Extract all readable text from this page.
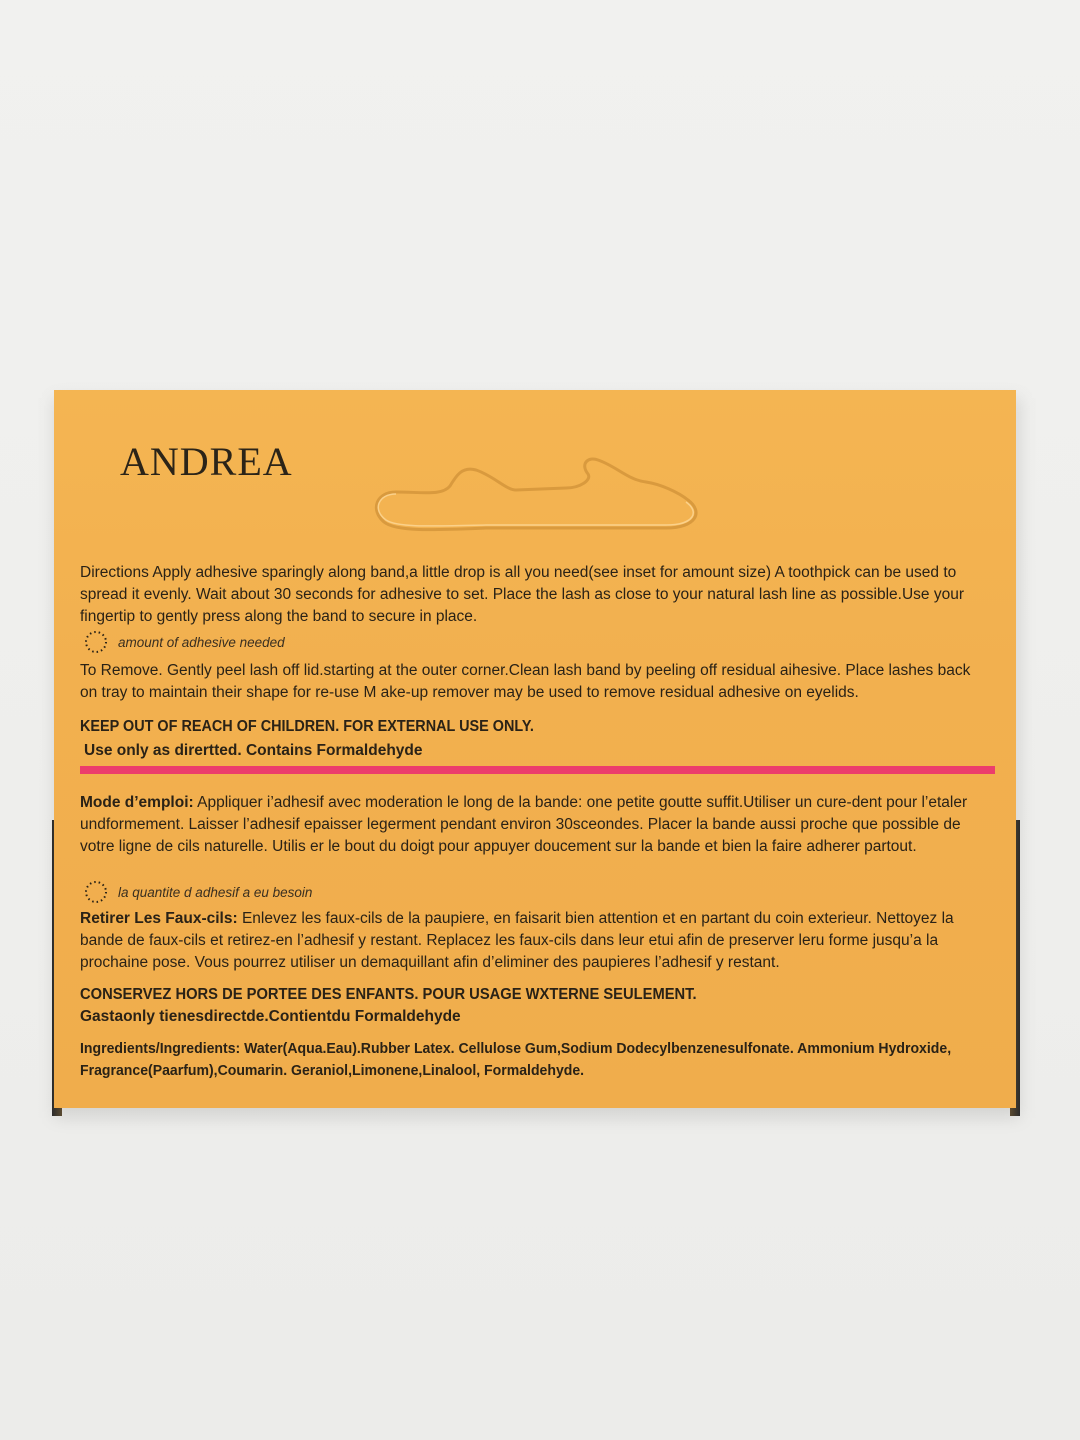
ANDREA
Directions Apply adhesive sparingly along band,a little drop is all you need(see inset for amount size) A toothpick can be used to spread it evenly. Wait about 30 seconds for adhesive to set. Place the lash as close to your natural lash line as possible.Use your fingertip to gently press along the band to secure in place.
amount of adhesive needed
To Remove. Gently peel lash off lid.starting at the outer corner.Clean lash band by peeling off residual aihesive. Place lashes back on tray to maintain their shape for re-use M ake-up remover may be used to remove residual adhesive on eyelids.
KEEP OUT OF REACH OF CHILDREN. FOR EXTERNAL USE ONLY.
Use only as dirertted. Contains Formaldehyde
Mode d’emploi: Appliquer i’adhesif avec moderation le long de la bande: one petite goutte suffit.Utiliser un cure-dent pour l’etaler undformement. Laisser l’adhesif epaisser legerment pendant environ 30sceondes. Placer la bande aussi proche que possible de votre ligne de cils naturelle. Utilis er le bout du doigt pour appuyer doucement sur la bande et bien la faire adherer partout.
la quantite d adhesif a eu besoin
Retirer Les Faux-cils: Enlevez les faux-cils de la paupiere, en faisarit bien attention et en partant du coin exterieur. Nettoyez la bande de faux-cils et retirez-en l’adhesif y restant. Replacez les faux-cils dans leur etui afin de preserver leru forme jusqu’a la prochaine pose. Vous pourrez utiliser un demaquillant afin d’eliminer des paupieres l’adhesif y restant.
CONSERVEZ HORS DE PORTEE DES ENFANTS. POUR USAGE WXTERNE SEULEMENT.
Gastaonly tienesdirectde.Contientdu Formaldehyde
Ingredients/Ingredients: Water(Aqua.Eau).Rubber Latex. Cellulose Gum,Sodium Dodecylbenzenesulfonate. Ammonium Hydroxide, Fragrance(Paarfum),Coumarin. Geraniol,Limonene,Linalool, Formaldehyde.
